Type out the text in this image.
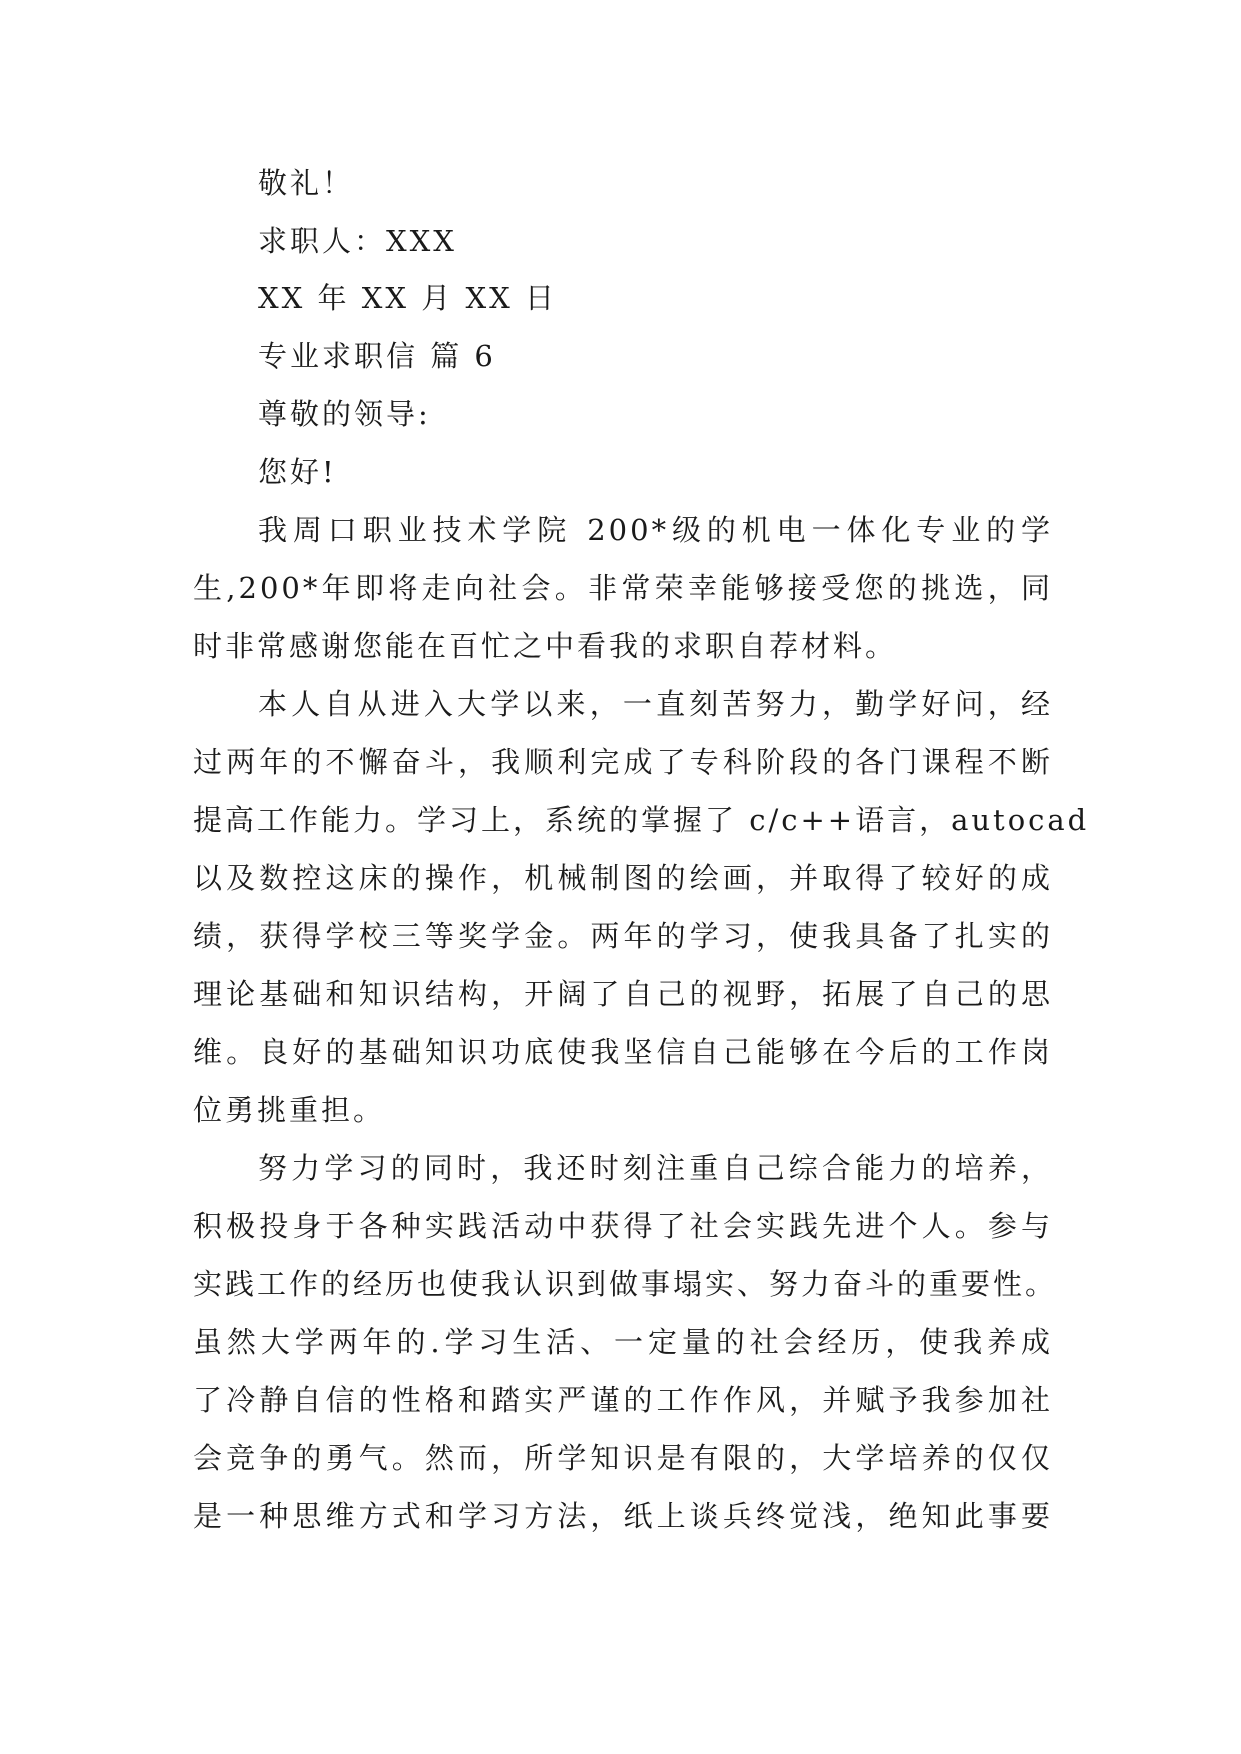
敬礼！
求职人：XXX
XX 年 XX 月 XX 日
专业求职信 篇 6
尊敬的领导:
您好!
我周口职业技术学院 200*级的机电一体化专业的学
生,200*年即将走向社会。非常荣幸能够接受您的挑选，同
时非常感谢您能在百忙之中看我的求职自荐材料。
本人自从进入大学以来，一直刻苦努力，勤学好问，经
过两年的不懈奋斗，我顺利完成了专科阶段的各门课程不断
提高工作能力。学习上，系统的掌握了 c/c++语言，autocad
以及数控这床的操作，机械制图的绘画，并取得了较好的成
绩，获得学校三等奖学金。两年的学习，使我具备了扎实的
理论基础和知识结构，开阔了自己的视野，拓展了自己的思
维。良好的基础知识功底使我坚信自己能够在今后的工作岗
位勇挑重担。
努力学习的同时，我还时刻注重自己综合能力的培养，
积极投身于各种实践活动中获得了社会实践先进个人。参与
实践工作的经历也使我认识到做事塌实、努力奋斗的重要性。
虽然大学两年的.学习生活、一定量的社会经历，使我养成
了冷静自信的性格和踏实严谨的工作作风，并赋予我参加社
会竞争的勇气。然而，所学知识是有限的，大学培养的仅仅
是一种思维方式和学习方法，纸上谈兵终觉浅，绝知此事要
